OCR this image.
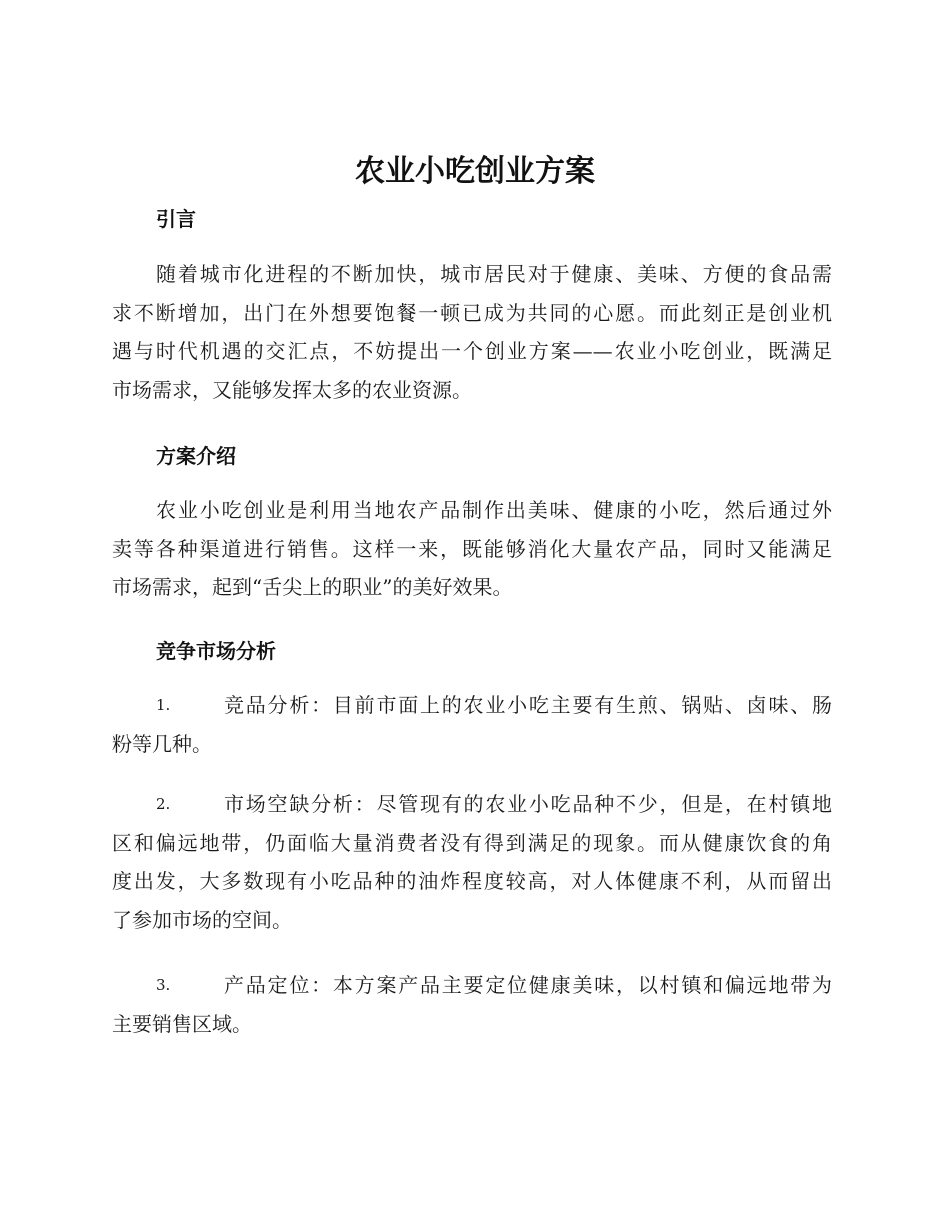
农业小吃创业方案
引言
随着城市化进程的不断加快，城市居民对于健康、美味、方便的食品需
求不断增加，出门在外想要饱餐一顿已成为共同的心愿。而此刻正是创业机
遇与时代机遇的交汇点，不妨提出一个创业方案——农业小吃创业，既满足
市场需求，又能够发挥太多的农业资源。
方案介绍
农业小吃创业是利用当地农产品制作出美味、健康的小吃，然后通过外
卖等各种渠道进行销售。这样一来，既能够消化大量农产品，同时又能满足
市场需求，起到“舌尖上的职业”的美好效果。
竞争市场分析
1.	竞品分析：目前市面上的农业小吃主要有生煎、锅贴、卤味、肠
粉等几种。
2.	市场空缺分析：尽管现有的农业小吃品种不少，但是，在村镇地
区和偏远地带，仍面临大量消费者没有得到满足的现象。而从健康饮食的角
度出发，大多数现有小吃品种的油炸程度较高，对人体健康不利，从而留出
了参加市场的空间。
3.	产品定位：本方案产品主要定位健康美味，以村镇和偏远地带为
主要销售区域。
